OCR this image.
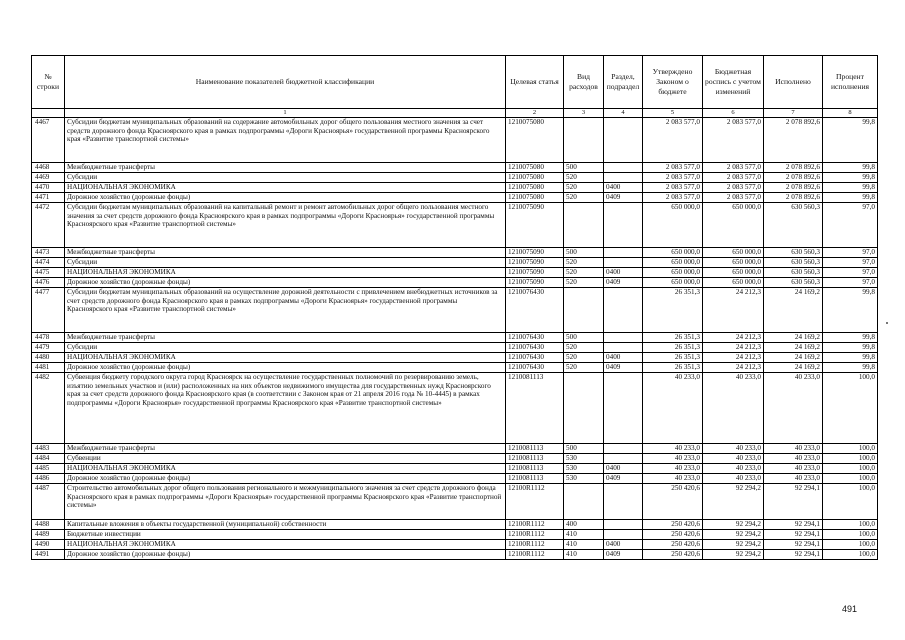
№ строки	Наименование показателей бюджетной классификации	Целевая статья	Вид расходов	Раздел, подраздел	Утверждено Законом о бюджете	Бюджетная роспись с учетом изменений	Исполнено	Процент исполнения
	1	2	3	4	5	6	7	8
4467	Субсидии бюджетам муниципальных образований на содержание автомобильных дорог общего пользования местного значения за счет средств дорожного фонда Красноярского края в рамках подпрограммы «Дороги Красноярья» государственной программы Красноярского края «Развитие транспортной системы»	1210075080			2 083 577,0	2 083 577,0	2 078 892,6	99,8
4468	Межбюджетные трансферты	1210075080	500		2 083 577,0	2 083 577,0	2 078 892,6	99,8
4469	Субсидии	1210075080	520		2 083 577,0	2 083 577,0	2 078 892,6	99,8
4470	НАЦИОНАЛЬНАЯ ЭКОНОМИКА	1210075080	520	0400	2 083 577,0	2 083 577,0	2 078 892,6	99,8
4471	Дорожное хозяйство (дорожные фонды)	1210075080	520	0409	2 083 577,0	2 083 577,0	2 078 892,6	99,8
4472	Субсидии бюджетам муниципальных образований на капитальный ремонт и ремонт автомобильных дорог общего пользования местного значения за счет средств дорожного фонда Красноярского края в рамках подпрограммы «Дороги Красноярья» государственной программы Красноярского края «Развитие транспортной системы»	1210075090			650 000,0	650 000,0	630 560,3	97,0
4473	Межбюджетные трансферты	1210075090	500		650 000,0	650 000,0	630 560,3	97,0
4474	Субсидии	1210075090	520		650 000,0	650 000,0	630 560,3	97,0
4475	НАЦИОНАЛЬНАЯ ЭКОНОМИКА	1210075090	520	0400	650 000,0	650 000,0	630 560,3	97,0
4476	Дорожное хозяйство (дорожные фонды)	1210075090	520	0409	650 000,0	650 000,0	630 560,3	97,0
4477	Субсидии бюджетам муниципальных образований на осуществление дорожной деятельности с привлечением внебюджетных источников за счет средств дорожного фонда Красноярского края в рамках подпрограммы «Дороги Красноярья» государственной программы Красноярского края «Развитие транспортной системы»	1210076430			26 351,3	24 212,3	24 169,2	99,8
4478	Межбюджетные трансферты	1210076430	500		26 351,3	24 212,3	24 169,2	99,8
4479	Субсидии	1210076430	520		26 351,3	24 212,3	24 169,2	99,8
4480	НАЦИОНАЛЬНАЯ ЭКОНОМИКА	1210076430	520	0400	26 351,3	24 212,3	24 169,2	99,8
4481	Дорожное хозяйство (дорожные фонды)	1210076430	520	0409	26 351,3	24 212,3	24 169,2	99,8
4482	Субвенция бюджету городского округа город Красноярск на осуществление государственных полномочий по резервированию земель, изъятию земельных участков и (или) расположенных на них объектов недвижимого имущества для государственных нужд Красноярского края за счет средств дорожного фонда Красноярского края (в соответствии с Законом края от 21 апреля 2016 года № 10-4445) в рамках подпрограммы «Дороги Красноярья» государственной программы Красноярского края «Развитие транспортной системы»	1210081113			40 233,0	40 233,0	40 233,0	100,0
4483	Межбюджетные трансферты	1210081113	500		40 233,0	40 233,0	40 233,0	100,0
4484	Субвенции	1210081113	530		40 233,0	40 233,0	40 233,0	100,0
4485	НАЦИОНАЛЬНАЯ ЭКОНОМИКА	1210081113	530	0400	40 233,0	40 233,0	40 233,0	100,0
4486	Дорожное хозяйство (дорожные фонды)	1210081113	530	0409	40 233,0	40 233,0	40 233,0	100,0
4487	Строительство автомобильных дорог общего пользования регионального и межмуниципального значения за счет средств дорожного фонда Красноярского края в рамках подпрограммы «Дороги Красноярья» государственной программы Красноярского края «Развитие транспортной системы»	12100R1112			250 420,6	92 294,2	92 294,1	100,0
4488	Капитальные вложения в объекты государственной (муниципальной) собственности	12100R1112	400		250 420,6	92 294,2	92 294,1	100,0
4489	Бюджетные инвестиции	12100R1112	410		250 420,6	92 294,2	92 294,1	100,0
4490	НАЦИОНАЛЬНАЯ ЭКОНОМИКА	12100R1112	410	0400	250 420,6	92 294,2	92 294,1	100,0
4491	Дорожное хозяйство (дорожные фонды)	12100R1112	410	0409	250 420,6	92 294,2	92 294,1	100,0
491
